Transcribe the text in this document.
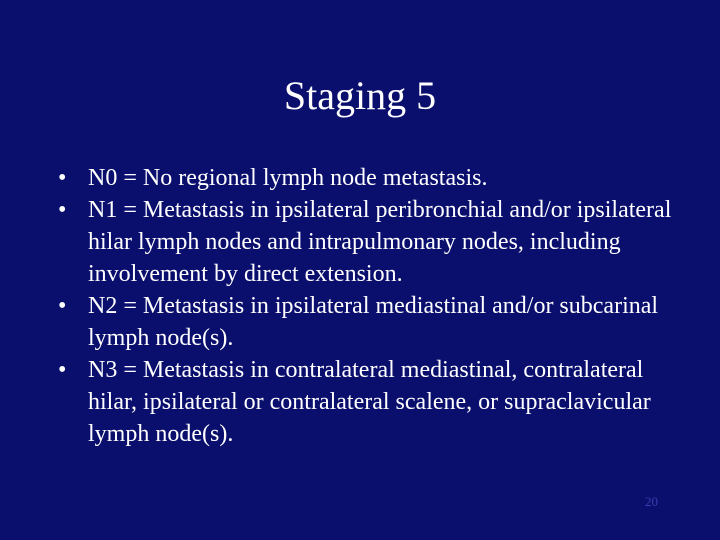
Staging 5
• N0 = No regional lymph node metastasis.
• N1 = Metastasis in ipsilateral peribronchial and/or ipsilateral hilar lymph nodes and intrapulmonary nodes, including involvement by direct extension.
• N2 = Metastasis in ipsilateral mediastinal and/or subcarinal lymph node(s).
• N3 = Metastasis in contralateral mediastinal, contralateral hilar, ipsilateral or contralateral scalene, or supraclavicular lymph node(s).
20
